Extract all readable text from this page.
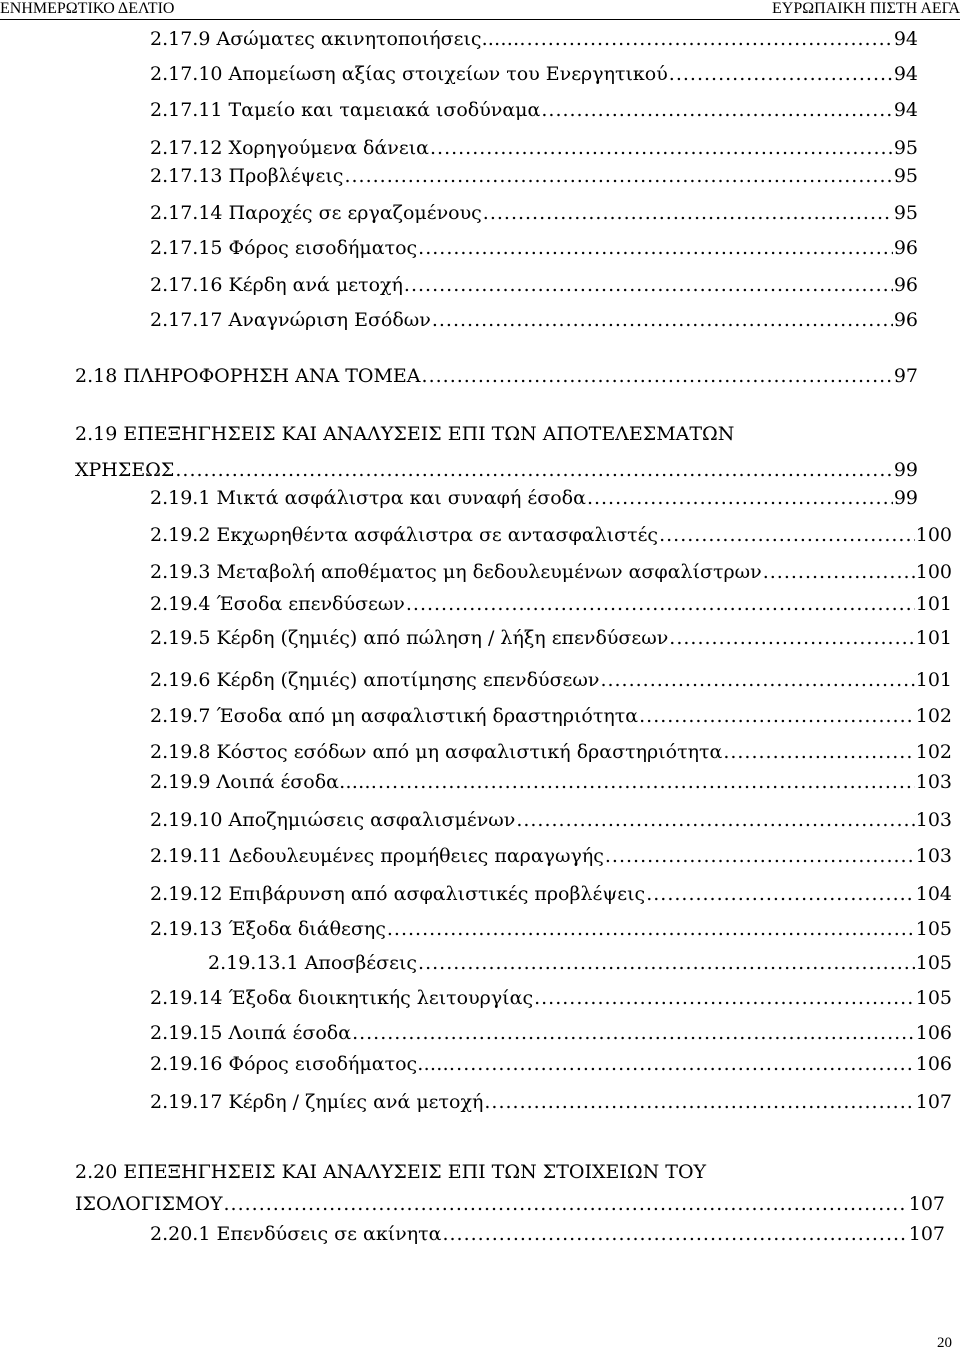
ΕΝΗΜΕΡΩΤΙΚΟ ΔΕΛΤΙΟ	ΕΥΡΩΠΑΙΚΗ ΠΙΣΤΗ ΑΕΓΑ
2.17.9 Ασώματες ακινητοποιήσεις.…… .....	94
2.17.10 Απομείωση αξίας στοιχείων του Ενεργητικού .....	94
2.17.11 Ταμείο και ταμειακά ισοδύναμα .....	94
2.17.12 Χορηγούμενα δάνεια .....	95
2.17.13 Προβλέψεις .....	95
2.17.14 Παροχές σε εργαζομένους .....	95
2.17.15 Φόρος εισοδήματος .....	96
2.17.16 Κέρδη ανά μετοχή .....	96
2.17.17 Αναγνώριση Εσόδων .....	96
2.18 ΠΛΗΡΟΦΟΡΗΣΗ ΑΝΑ ΤΟΜΕΑ .....	97
2.19 ΕΠΕΞΗΓΗΣΕΙΣ ΚΑΙ ΑΝΑΛΥΣΕΙΣ ΕΠΙ ΤΩΝ ΑΠΟΤΕΛΕΣΜΑΤΩΝ
ΧΡΗΣΕΩΣ .....	99
2.19.1 Μικτά ασφάλιστρα και συναφή έσοδα .....	99
2.19.2 Εκχωρηθέντα ασφάλιστρα σε αντασφαλιστές .....	100
2.19.3 Μεταβολή αποθέματος μη δεδουλευμένων ασφαλίστρων .....	100
2.19.4 Έσοδα επενδύσεων .....	101
2.19.5 Κέρδη (ζημιές) από πώληση / λήξη επενδύσεων .....	101
2.19.6 Κέρδη (ζημιές) αποτίμησης επενδύσεων .....	101
2.19.7 Έσοδα από μη ασφαλιστική δραστηριότητα .....	102
2.19.8 Κόστος εσόδων από μη ασφαλιστική δραστηριότητα .....	102
2.19.9 Λοιπά έσοδα…… .....	103
2.19.10 Αποζημιώσεις ασφαλισμένων .....	103
2.19.11 Δεδουλευμένες προμήθειες παραγωγής .....	103
2.19.12 Επιβάρυνση από ασφαλιστικές προβλέψεις .....	104
2.19.13 Έξοδα διάθεσης .....	105
2.19.13.1 Αποσβέσεις .....	105
2.19.14 Έξοδα διοικητικής λειτουργίας .....	105
2.19.15 Λοιπά έσοδα .....	106
2.19.16 Φόρος εισοδήματος…… .....	106
2.19.17 Κέρδη / ζημίες ανά μετοχή .....	107
2.20 ΕΠΕΞΗΓΗΣΕΙΣ ΚΑΙ ΑΝΑΛΥΣΕΙΣ ΕΠΙ ΤΩΝ ΣΤΟΙΧΕΙΩΝ ΤΟΥ
ΙΣΟΛΟΓΙΣΜΟΥ .....	107
2.20.1 Επενδύσεις σε ακίνητα .....	107
20
